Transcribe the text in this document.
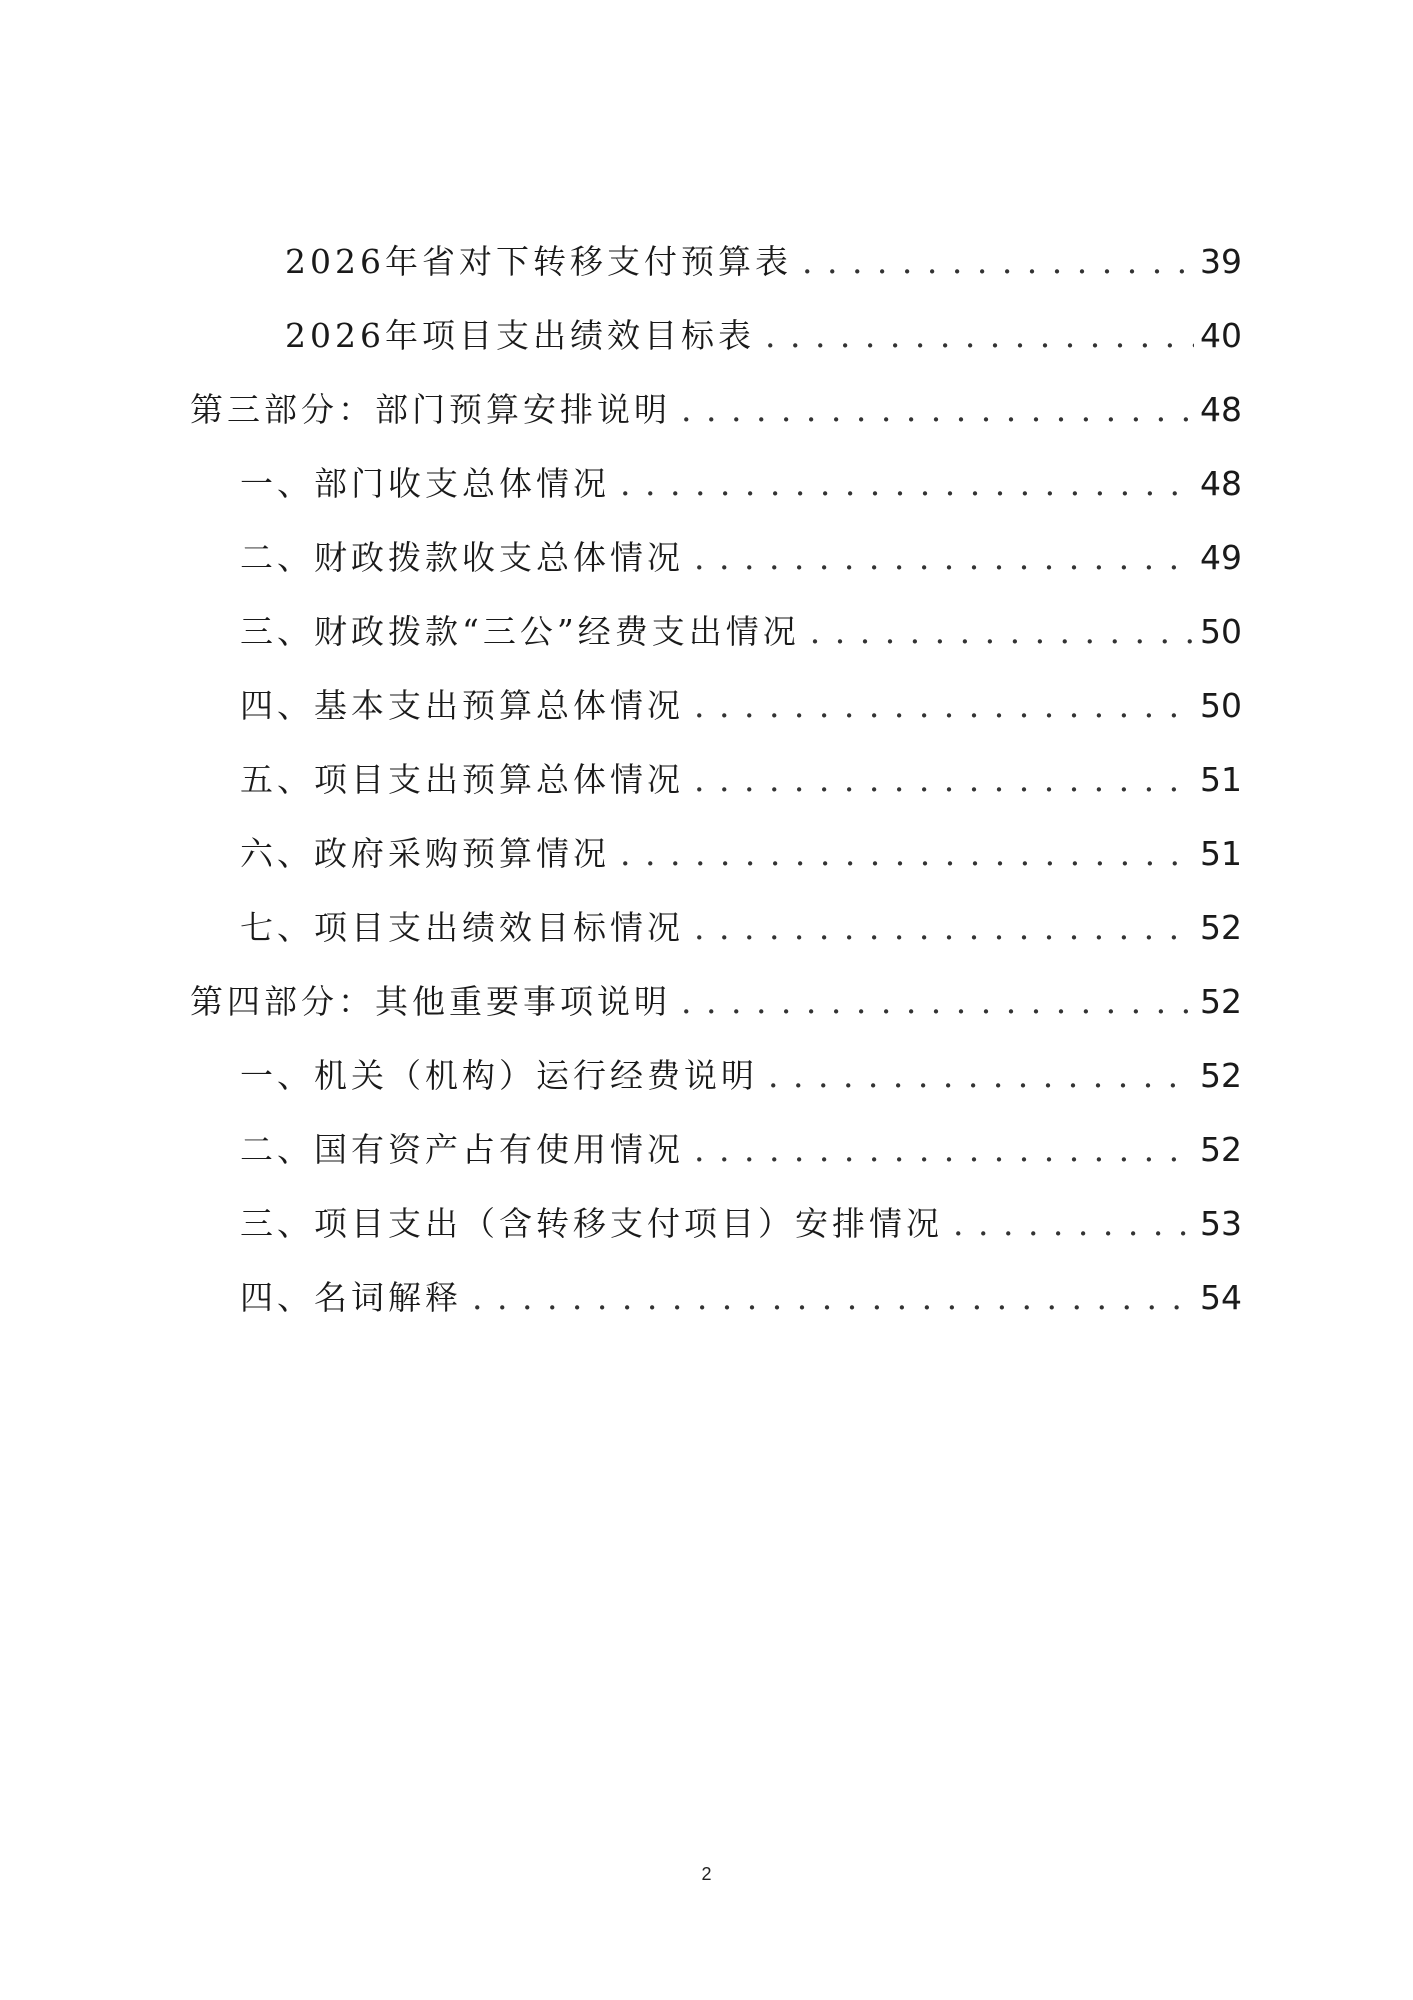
2026年省对下转移支付预算表 . . .	39
2026年项目支出绩效目标表 . . .	40
第三部分：部门预算安排说明 . . .	48
一、部门收支总体情况 . . .	48
二、财政拨款收支总体情况 . . .	49
三、财政拨款“三公”经费支出情况 . . .	50
四、基本支出预算总体情况 . . .	50
五、项目支出预算总体情况 . . .	51
六、政府采购预算情况 . . .	51
七、项目支出绩效目标情况 . . .	52
第四部分：其他重要事项说明 . . .	52
一、机关（机构）运行经费说明 . . .	52
二、国有资产占有使用情况 . . .	52
三、项目支出（含转移支付项目）安排情况 . . .	53
四、名词解释 . . .	54
2
